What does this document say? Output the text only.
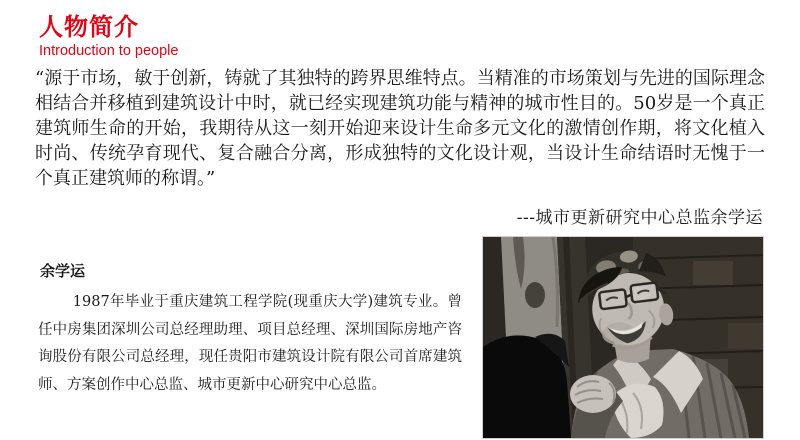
人物简介
Introduction to people

“源于市场，敏于创新，铸就了其独特的跨界思维特点。当精准的市场策划与先进的国际理念相结合并移植到建筑设计中时，就已经实现建筑功能与精神的城市性目的。50岁是一个真正建筑师生命的开始，我期待从这一刻开始迎来设计生命多元文化的激情创作期，将文化植入时尚、传统孕育现代、复合融合分离，形成独特的文化设计观，当设计生命结语时无愧于一个真正建筑师的称谓。”

---城市更新研究中心总监余学运
余学运

1987年毕业于重庆建筑工程学院(现重庆大学)建筑专业。曾任中房集团深圳公司总经理助理、项目总经理、深圳国际房地产咨询股份有限公司总经理，现任贵阳市建筑设计院有限公司首席建筑师、方案创作中心总监、城市更新中心研究中心总监。
